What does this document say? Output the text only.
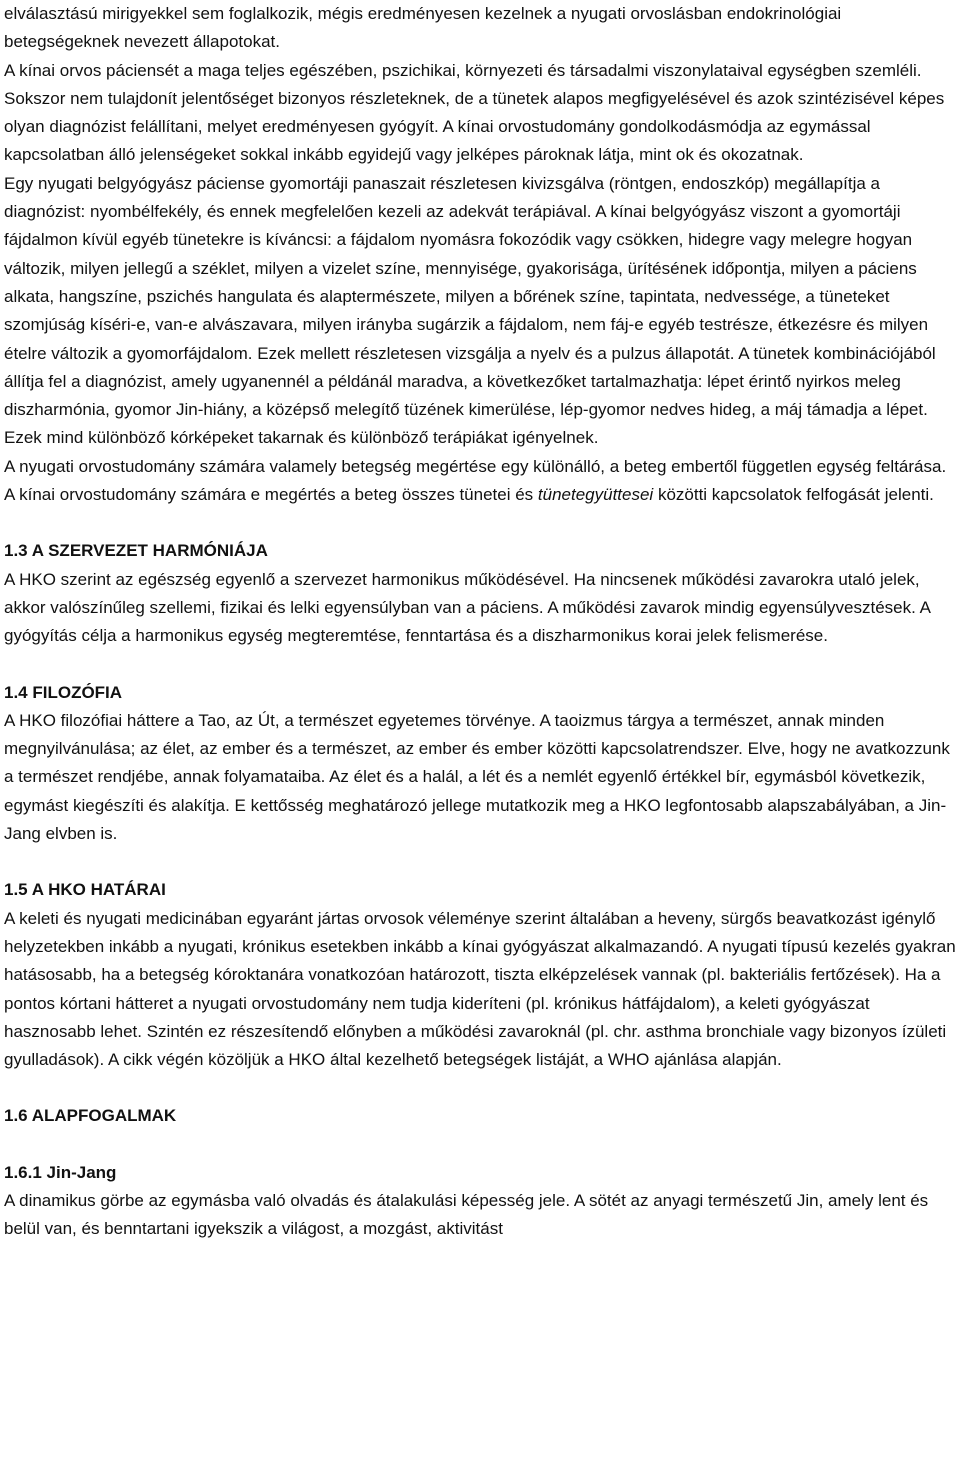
elválasztású mirigyekkel sem foglalkozik, mégis eredményesen kezelnek a nyugati orvoslásban endokrinológiai betegségeknek nevezett állapotokat.

A kínai orvos páciensét a maga teljes egészében, pszichikai, környezeti és társadalmi viszonylataival egységben szemléli. Sokszor nem tulajdonít jelentőséget bizonyos részleteknek, de a tünetek alapos megfigyelésével és azok szintézisével képes olyan diagnózist felállítani, melyet eredményesen gyógyít. A kínai orvostudomány gondolkodásmódja az egymással kapcsolatban álló jelenségeket sokkal inkább egyidejű vagy jelképes pároknak látja, mint ok és okozatnak.

Egy nyugati belgyógyász páciense gyomortáji panaszait részletesen kivizsgálva (röntgen, endoszkóp) megállapítja a diagnózist: nyombélfekély, és ennek megfelelően kezeli az adekvát terápiával. A kínai belgyógyász viszont a gyomortáji fájdalmon kívül egyéb tünetekre is kíváncsi: a fájdalom nyomásra fokozódik vagy csökken, hidegre vagy melegre hogyan változik, milyen jellegű a széklet, milyen a vizelet színe, mennyisége, gyakorisága, ürítésének időpontja, milyen a páciens alkata, hangszíne, pszichés hangulata és alaptermészete, milyen a bőrének színe, tapintata, nedvessége, a tüneteket szomjúság kíséri-e, van-e alvászavara, milyen irányba sugárzik a fájdalom, nem fáj-e egyéb testrésze, étkezésre és milyen ételre változik a gyomorfájdalom. Ezek mellett részletesen vizsgálja a nyelv és a pulzus állapotát. A tünetek kombinációjából állítja fel a diagnózist, amely ugyanennél a példánál maradva, a következőket tartalmazhatja: lépet érintő nyirkos meleg diszharmónia, gyomor Jin-hiány, a középső melegítő tüzének kimerülése, lép-gyomor nedves hideg, a máj támadja a lépet. Ezek mind különböző kórképeket takarnak és különböző terápiákat igényelnek.

A nyugati orvostudomány számára valamely betegség megértése egy különálló, a beteg embertől független egység feltárása. A kínai orvostudomány számára e megértés a beteg összes tünetei és tünetegyüttesei közötti kapcsolatok felfogását jelenti.

1.3 A SZERVEZET HARMÓNIÁJA

A HKO szerint az egészség egyenlő a szervezet harmonikus működésével. Ha nincsenek működési zavarokra utaló jelek, akkor valószínűleg szellemi, fizikai és lelki egyensúlyban van a páciens. A működési zavarok mindig egyensúlyvesztések. A gyógyítás célja a harmonikus egység megteremtése, fenntartása és a diszharmonikus korai jelek felismerése.

1.4 FILOZÓFIA

A HKO filozófiai háttere a Tao, az Út, a természet egyetemes törvénye. A taoizmus tárgya a természet, annak minden megnyilvánulása; az élet, az ember és a természet, az ember és ember közötti kapcsolatrendszer. Elve, hogy ne avatkozzunk a természet rendjébe, annak folyamataiba. Az élet és a halál, a lét és a nemlét egyenlő értékkel bír, egymásból következik, egymást kiegészíti és alakítja. E kettősség meghatározó jellege mutatkozik meg a HKO legfontosabb alapszabályában, a Jin-Jang elvben is.

1.5 A HKO HATÁRAI

A keleti és nyugati medicinában egyaránt jártas orvosok véleménye szerint általában a heveny, sürgős beavatkozást igénylő helyzetekben inkább a nyugati, krónikus esetekben inkább a kínai gyógyászat alkalmazandó. A nyugati típusú kezelés gyakran hatásosabb, ha a betegség kóroktanára vonatkozóan határozott, tiszta elképzelések vannak (pl. bakteriális fertőzések). Ha a pontos kórtani hátteret a nyugati orvostudomány nem tudja kideríteni (pl. krónikus hátfájdalom), a keleti gyógyászat hasznosabb lehet. Szintén ez részesítendő előnyben a működési zavaroknál (pl. chr. asthma bronchiale vagy bizonyos ízületi gyulladások). A cikk végén közöljük a HKO által kezelhető betegségek listáját, a WHO ajánlása alapján.

1.6 ALAPFOGALMAK
1.6.1 Jin-Jang

A dinamikus görbe az egymásba való olvadás és átalakulási képesség jele. A sötét az anyagi természetű Jin, amely lent és belül van, és benntartani igyekszik a világost, a mozgást, aktivitást
